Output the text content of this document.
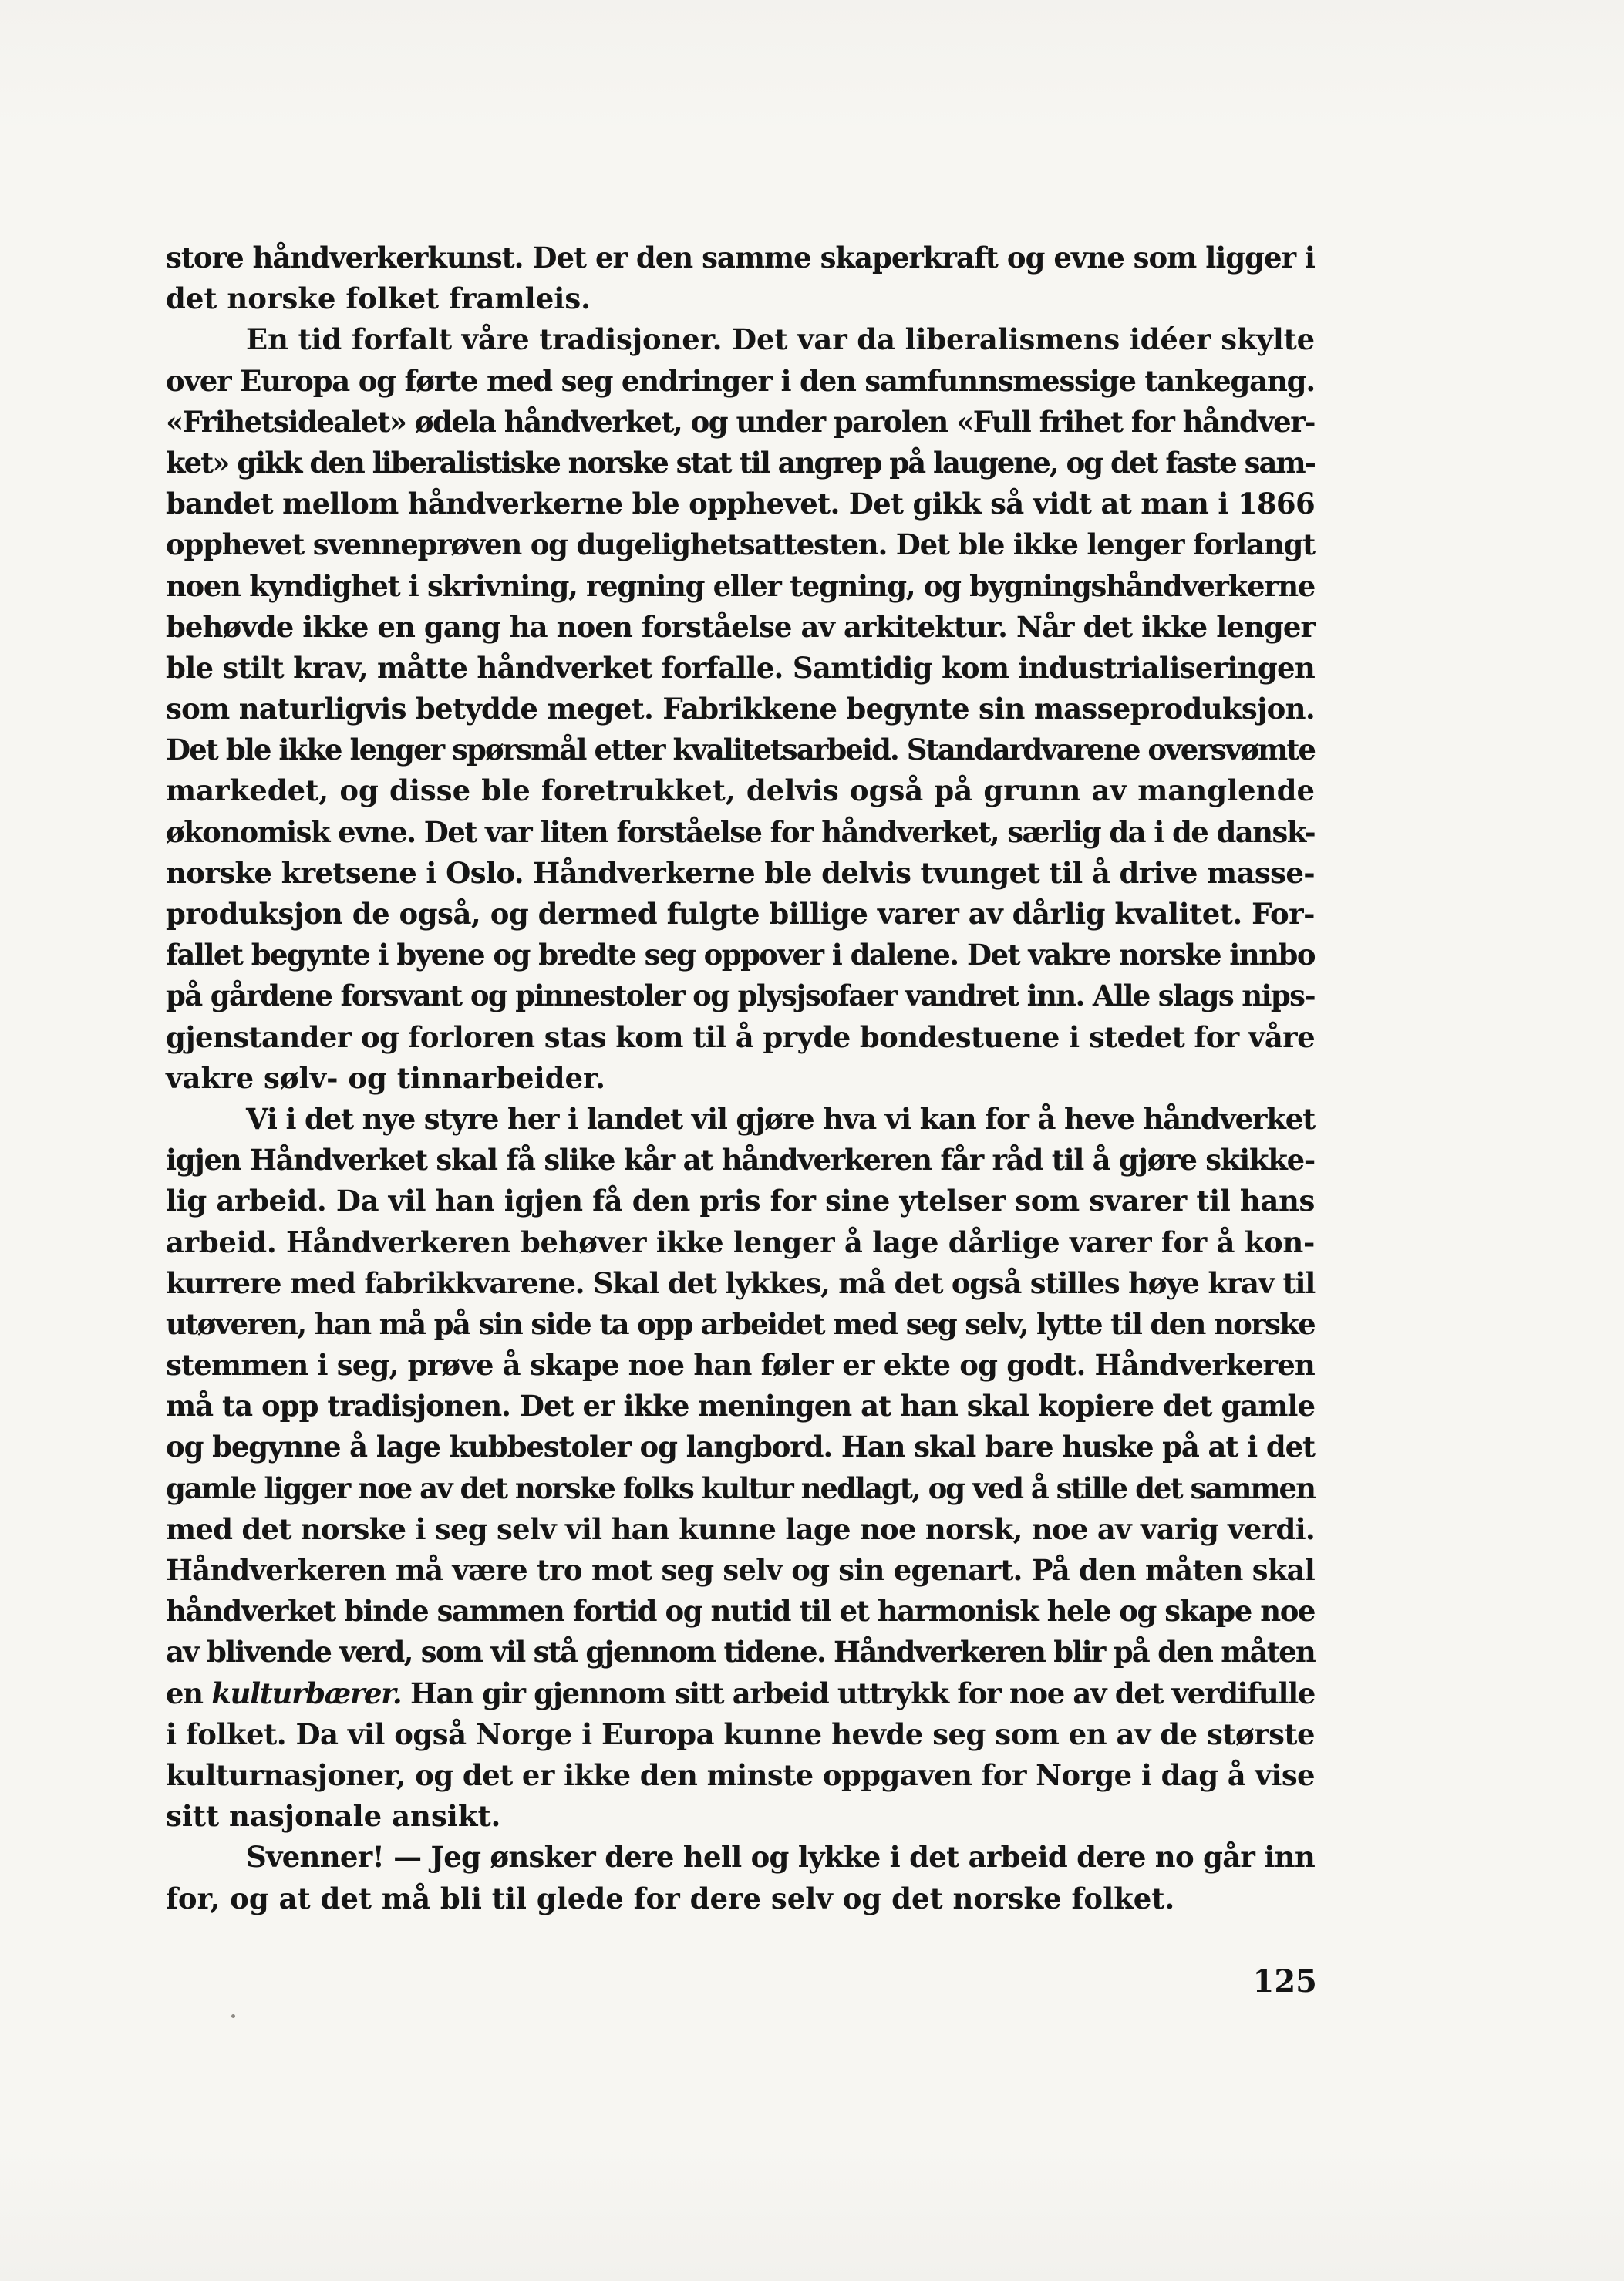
store håndverkerkunst. Det er den samme skaperkraft og evne som ligger i
det norske folket framleis.
En tid forfalt våre tradisjoner. Det var da liberalismens idéer skylte
over Europa og førte med seg endringer i den samfunnsmessige tankegang.
«Frihetsidealet» ødela håndverket, og under parolen «Full frihet for håndver-
ket» gikk den liberalistiske norske stat til angrep på laugene, og det faste sam-
bandet mellom håndverkerne ble opphevet. Det gikk så vidt at man i 1866
opphevet svenneprøven og dugelighetsattesten. Det ble ikke lenger forlangt
noen kyndighet i skrivning, regning eller tegning, og bygningshåndverkerne
behøvde ikke en gang ha noen forståelse av arkitektur. Når det ikke lenger
ble stilt krav, måtte håndverket forfalle. Samtidig kom industrialiseringen
som naturligvis betydde meget. Fabrikkene begynte sin masseproduksjon.
Det ble ikke lenger spørsmål etter kvalitetsarbeid. Standardvarene oversvømte
markedet, og disse ble foretrukket, delvis også på grunn av manglende
økonomisk evne. Det var liten forståelse for håndverket, særlig da i de dansk-
norske kretsene i Oslo. Håndverkerne ble delvis tvunget til å drive masse-
produksjon de også, og dermed fulgte billige varer av dårlig kvalitet. For-
fallet begynte i byene og bredte seg oppover i dalene. Det vakre norske innbo
på gårdene forsvant og pinnestoler og plysjsofaer vandret inn. Alle slags nips-
gjenstander og forloren stas kom til å pryde bondestuene i stedet for våre
vakre sølv- og tinnarbeider.
Vi i det nye styre her i landet vil gjøre hva vi kan for å heve håndverket
igjen Håndverket skal få slike kår at håndverkeren får råd til å gjøre skikke-
lig arbeid. Da vil han igjen få den pris for sine ytelser som svarer til hans
arbeid. Håndverkeren behøver ikke lenger å lage dårlige varer for å kon-
kurrere med fabrikkvarene. Skal det lykkes, må det også stilles høye krav til
utøveren, han må på sin side ta opp arbeidet med seg selv, lytte til den norske
stemmen i seg, prøve å skape noe han føler er ekte og godt. Håndverkeren
må ta opp tradisjonen. Det er ikke meningen at han skal kopiere det gamle
og begynne å lage kubbestoler og langbord. Han skal bare huske på at i det
gamle ligger noe av det norske folks kultur nedlagt, og ved å stille det sammen
med det norske i seg selv vil han kunne lage noe norsk, noe av varig verdi.
Håndverkeren må være tro mot seg selv og sin egenart. På den måten skal
håndverket binde sammen fortid og nutid til et harmonisk hele og skape noe
av blivende verd, som vil stå gjennom tidene. Håndverkeren blir på den måten
en kulturbærer. Han gir gjennom sitt arbeid uttrykk for noe av det verdifulle
i folket. Da vil også Norge i Europa kunne hevde seg som en av de største
kulturnasjoner, og det er ikke den minste oppgaven for Norge i dag å vise
sitt nasjonale ansikt.
Svenner! — Jeg ønsker dere hell og lykke i det arbeid dere no går inn
for, og at det må bli til glede for dere selv og det norske folket.
125
